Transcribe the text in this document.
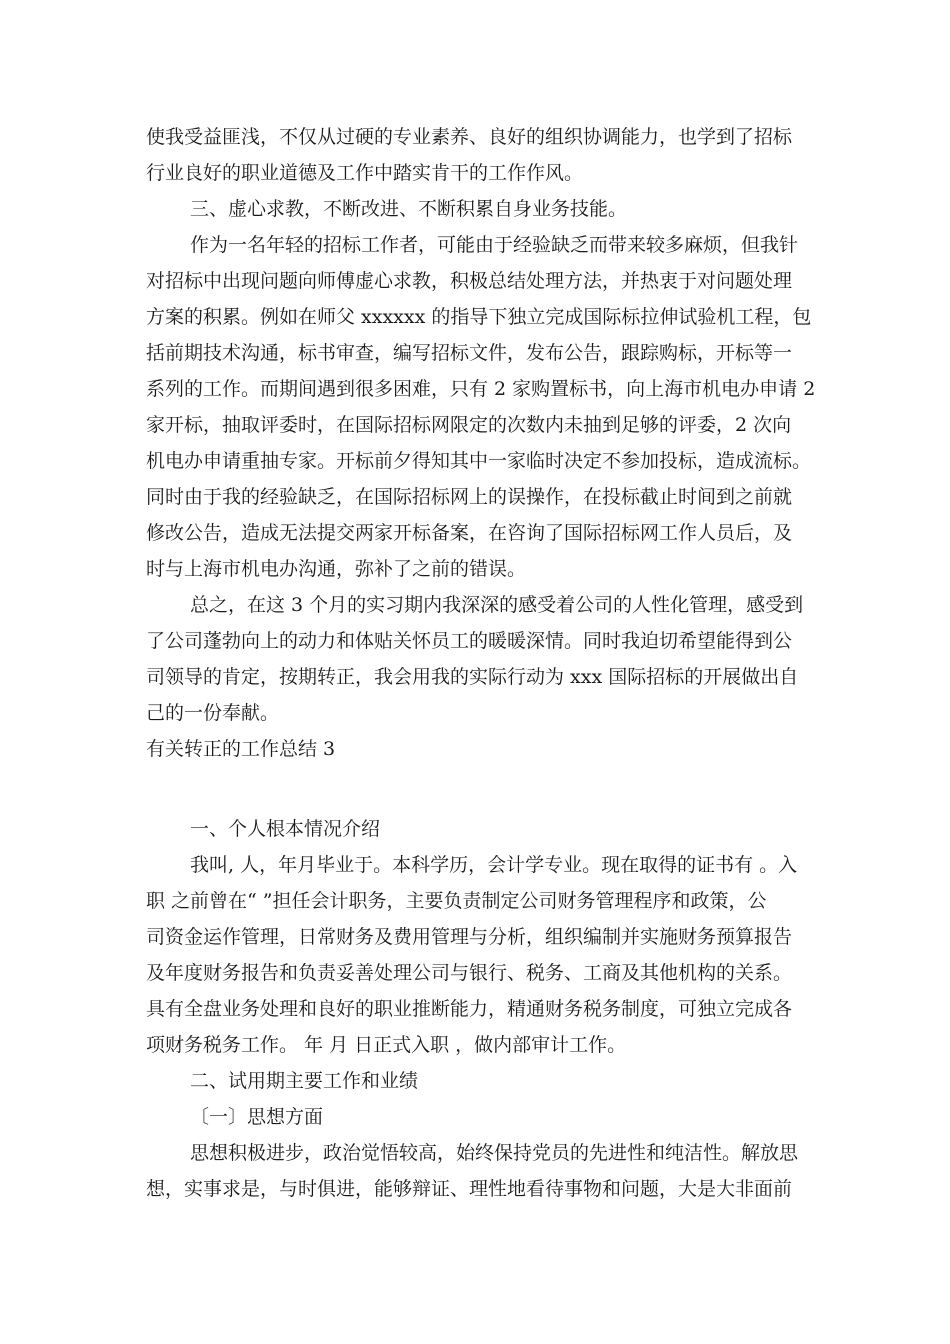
使我受益匪浅，不仅从过硬的专业素养、良好的组织协调能力，也学到了招标
行业良好的职业道德及工作中踏实肯干的工作作风。
三、虚心求教，不断改进、不断积累自身业务技能。
作为一名年轻的招标工作者，可能由于经验缺乏而带来较多麻烦，但我针
对招标中出现问题向师傅虚心求教，积极总结处理方法，并热衷于对问题处理
方案的积累。例如在师父 xxxxxx 的指导下独立完成国际标拉伸试验机工程，包
括前期技术沟通，标书审查，编写招标文件，发布公告，跟踪购标，开标等一
系列的工作。而期间遇到很多困难，只有 2 家购置标书，向上海市机电办申请 2
家开标，抽取评委时，在国际招标网限定的次数内未抽到足够的评委，2 次向
机电办申请重抽专家。开标前夕得知其中一家临时决定不参加投标，造成流标。
同时由于我的经验缺乏，在国际招标网上的误操作，在投标截止时间到之前就
修改公告，造成无法提交两家开标备案，在咨询了国际招标网工作人员后，及
时与上海市机电办沟通，弥补了之前的错误。
总之，在这 3 个月的实习期内我深深的感受着公司的人性化管理，感受到
了公司蓬勃向上的动力和体贴关怀员工的暖暖深情。同时我迫切希望能得到公
司领导的肯定，按期转正，我会用我的实际行动为 xxx 国际招标的开展做出自
己的一份奉献。
有关转正的工作总结 3
一、个人根本情况介绍
我叫, 人，年月毕业于。本科学历，会计学专业。现在取得的证书有 。入
职 之前曾在“ ”担任会计职务，主要负责制定公司财务管理程序和政策，公
司资金运作管理，日常财务及费用管理与分析，组织编制并实施财务预算报告
及年度财务报告和负责妥善处理公司与银行、税务、工商及其他机构的关系。
具有全盘业务处理和良好的职业推断能力，精通财务税务制度，可独立完成各
项财务税务工作。 年 月 日正式入职 ，做内部审计工作。
二、试用期主要工作和业绩
〔一〕思想方面
思想积极进步，政治觉悟较高，始终保持党员的先进性和纯洁性。解放思
想，实事求是，与时俱进，能够辩证、理性地看待事物和问题，大是大非面前
